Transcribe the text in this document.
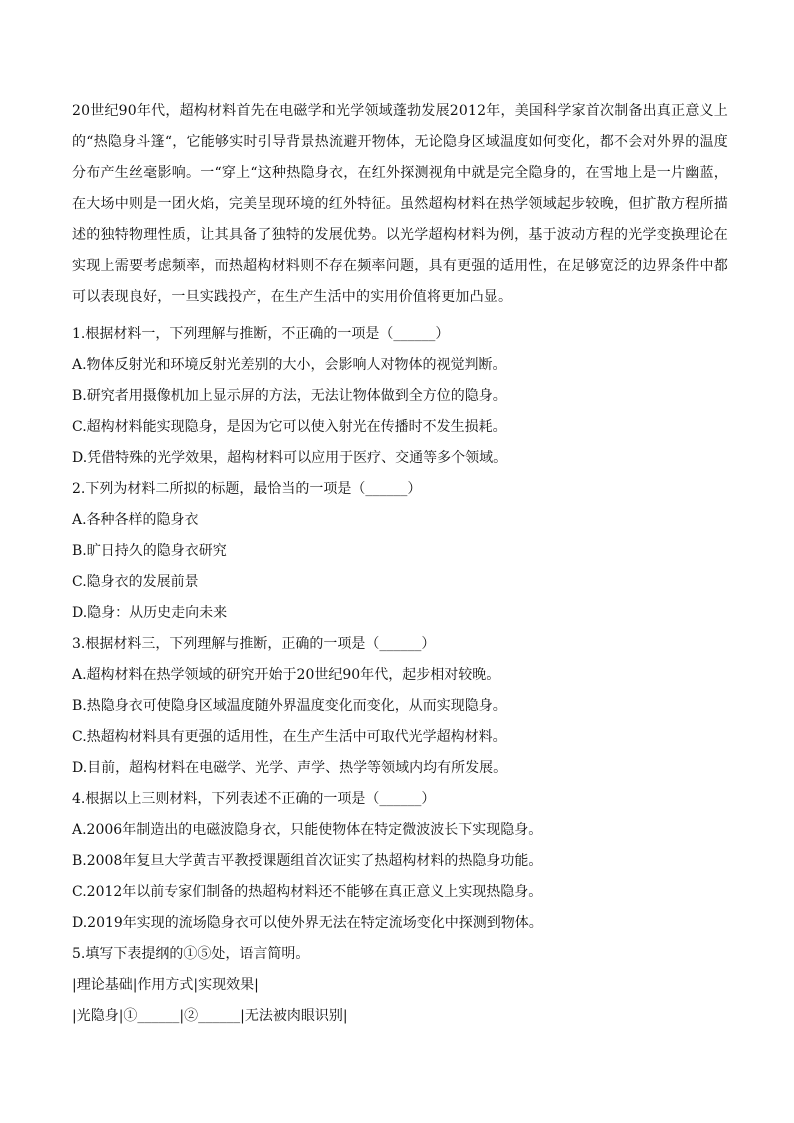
20世纪90年代，超构材料首先在电磁学和光学领域蓬勃发展2012年，美国科学家首次制备出真正意义上的“热隐身斗篷“，它能够实时引导背景热流避开物体，无论隐身区域温度如何变化，都不会对外界的温度分布产生丝毫影响。一“穿上“这种热隐身衣，在红外探测视角中就是完全隐身的，在雪地上是一片幽蓝，在大场中则是一团火焰，完美呈现环境的红外特征。虽然超构材料在热学领域起步较晚，但扩散方程所描述的独特物理性质，让其具备了独特的发展优势。以光学超构材料为例，基于波动方程的光学变换理论在实现上需要考虑频率，而热超构材料则不存在频率问题，具有更强的适用性，在足够宽泛的边界条件中都可以表现良好，一旦实践投产，在生产生活中的实用价值将更加凸显。

1.根据材料一，下列理解与推断，不正确的一项是（______）

A.物体反射光和环境反射光差别的大小，会影响人对物体的视觉判断。

B.研究者用摄像机加上显示屏的方法，无法让物体做到全方位的隐身。

C.超构材料能实现隐身，是因为它可以使入射光在传播时不发生损耗。

D.凭借特殊的光学效果，超构材料可以应用于医疗、交通等多个领域。

2.下列为材料二所拟的标题，最恰当的一项是（______）

A.各种各样的隐身衣

B.旷日持久的隐身衣研究

C.隐身衣的发展前景

D.隐身：从历史走向未来

3.根据材料三，下列理解与推断，正确的一项是（______）

A.超构材料在热学领域的研究开始于20世纪90年代，起步相对较晚。

B.热隐身衣可使隐身区域温度随外界温度变化而变化，从而实现隐身。

C.热超构材料具有更强的适用性，在生产生活中可取代光学超构材料。

D.目前，超构材料在电磁学、光学、声学、热学等领域内均有所发展。

4.根据以上三则材料，下列表述不正确的一项是（______）

A.2006年制造出的电磁波隐身衣，只能使物体在特定微波波长下实现隐身。

B.2008年复旦大学黄吉平教授课题组首次证实了热超构材料的热隐身功能。

C.2012年以前专家们制备的热超构材料还不能够在真正意义上实现热隐身。

D.2019年实现的流场隐身衣可以使外界无法在特定流场变化中探测到物体。

5.填写下表提纲的①⑤处，语言简明。

|理论基础|作用方式|实现效果|

|光隐身|①______|②______|无法被肉眼识别|
